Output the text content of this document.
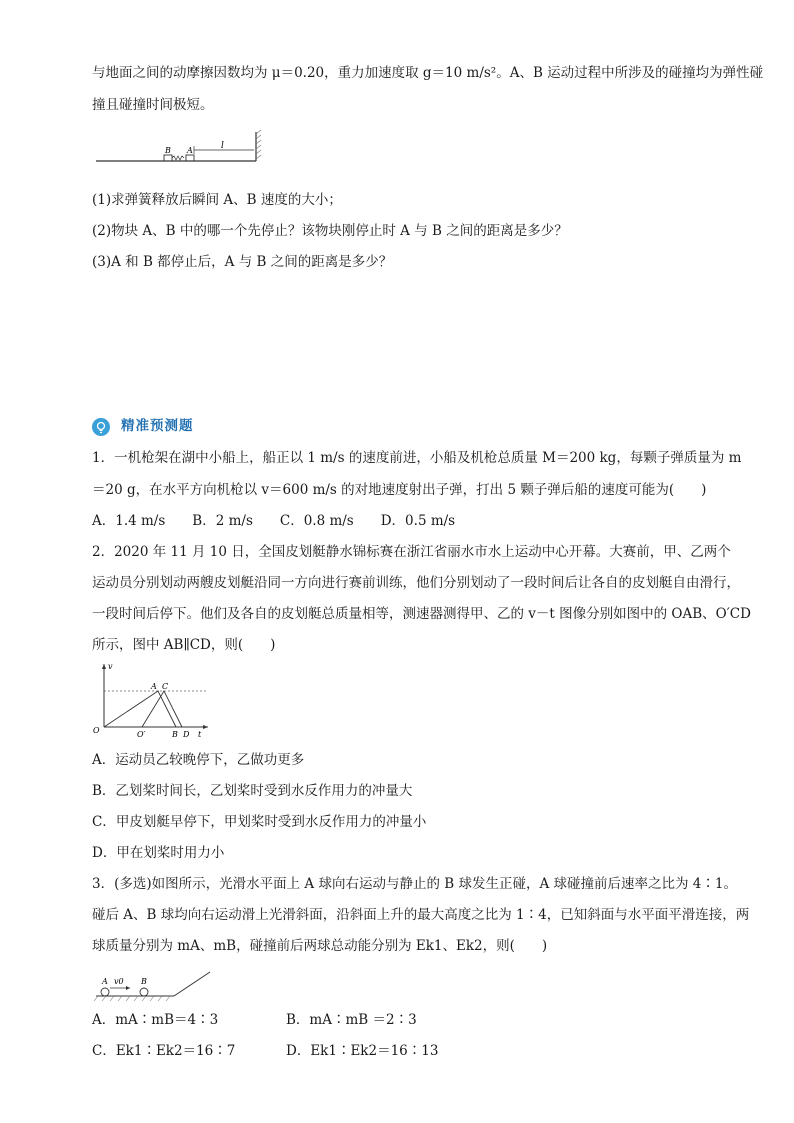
与地面之间的动摩擦因数均为 μ＝0.20，重力加速度取 g＝10 m/s²。A、B 运动过程中所涉及的碰撞均为弹性碰
撞且碰撞时间极短。
B A	l
(1)求弹簧释放后瞬间 A、B 速度的大小；
(2)物块 A、B 中的哪一个先停止？该物块刚停止时 A 与 B 之间的距离是多少？
(3)A 和 B 都停止后，A 与 B 之间的距离是多少？
精准预测题
1．一机枪架在湖中小船上，船正以 1 m/s 的速度前进，小船及机枪总质量 M＝200 kg，每颗子弹质量为 m
＝20 g，在水平方向机枪以 v＝600 m/s 的对地速度射出子弹，打出 5 颗子弹后船的速度可能为(　　)
A．1.4 m/s　　B．2 m/s　　C．0.8 m/s　　D．0.5 m/s
2．2020 年 11 月 10 日，全国皮划艇静水锦标赛在浙江省丽水市水上运动中心开幕。大赛前，甲、乙两个
运动员分别划动两艘皮划艇沿同一方向进行赛前训练，他们分别划动了一段时间后让各自的皮划艇自由滑行，
一段时间后停下。他们及各自的皮划艇总质量相等，测速器测得甲、乙的 v－t 图像分别如图中的 OAB、O′CD
所示，图中 AB∥CD，则(　　)
v
A C
O	O′	B D t
A．运动员乙较晚停下，乙做功更多
B．乙划桨时间长，乙划桨时受到水反作用力的冲量大
C．甲皮划艇早停下，甲划桨时受到水反作用力的冲量小
D．甲在划桨时用力小
3．(多选)如图所示，光滑水平面上 A 球向右运动与静止的 B 球发生正碰，A 球碰撞前后速率之比为 4∶1。
碰后 A、B 球均向右运动滑上光滑斜面，沿斜面上升的最大高度之比为 1∶4，已知斜面与水平面平滑连接，两
球质量分别为 mA、mB，碰撞前后两球总动能分别为 Ek1、Ek2，则(　　)
A v0 B
A．mA∶mB＝4∶3	B．mA∶mB ＝2∶3
C．Ek1∶Ek2＝16∶7	D．Ek1∶Ek2＝16∶13
